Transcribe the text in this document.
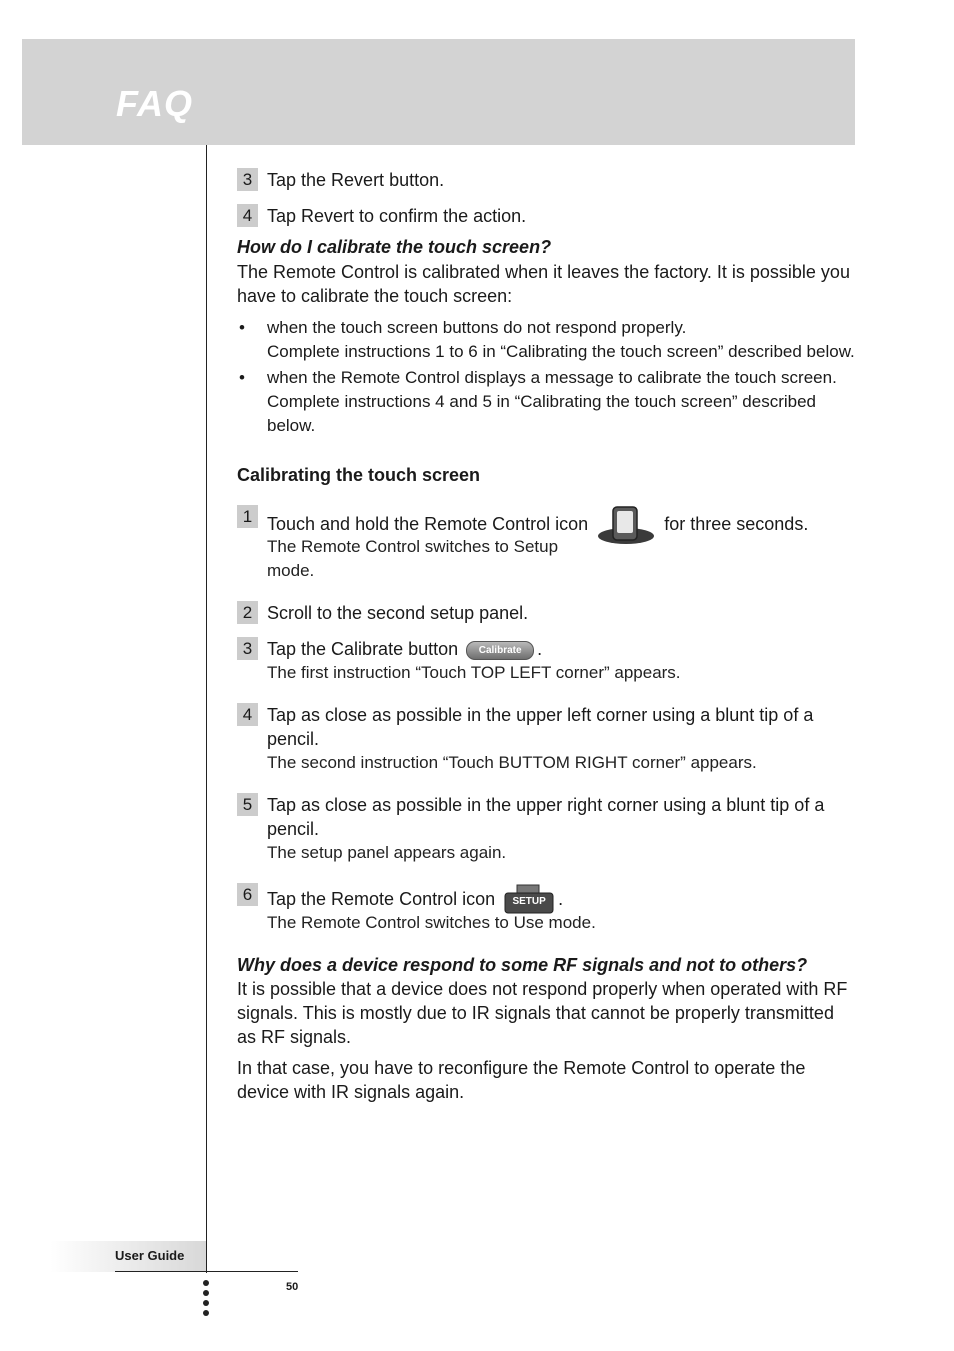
FAQ
3 Tap the Revert button.
4 Tap Revert to confirm the action.

How do I calibrate the touch screen?

The Remote Control is calibrated when it leaves the factory. It is possible you have to calibrate the touch screen:

• when the touch screen buttons do not respond properly.
Complete instructions 1 to 6 in “Calibrating the touch screen” described below.
• when the Remote Control displays a message to calibrate the touch screen.
Complete instructions 4 and 5 in “Calibrating the touch screen” described below.

Calibrating the touch screen

1 Touch and hold the Remote Control icon	for three seconds.
The Remote Control switches to Setup mode.
2 Scroll to the second setup panel.
3 Tap the Calibrate button Calibrate .
The first instruction “Touch TOP LEFT corner” appears.
4 Tap as close as possible in the upper left corner using a blunt tip of a pencil.
The second instruction “Touch BUTTOM RIGHT corner” appears.
5 Tap as close as possible in the upper right corner using a blunt tip of a pencil.
The setup panel appears again.
6 Tap the Remote Control icon	SETUP .
The Remote Control switches to Use mode.

Why does a device respond to some RF signals and not to others?

It is possible that a device does not respond properly when operated with RF signals. This is mostly due to IR signals that cannot be properly transmitted as RF signals.

In that case, you have to reconfigure the Remote Control to operate the device with IR signals again.

User Guide
50
